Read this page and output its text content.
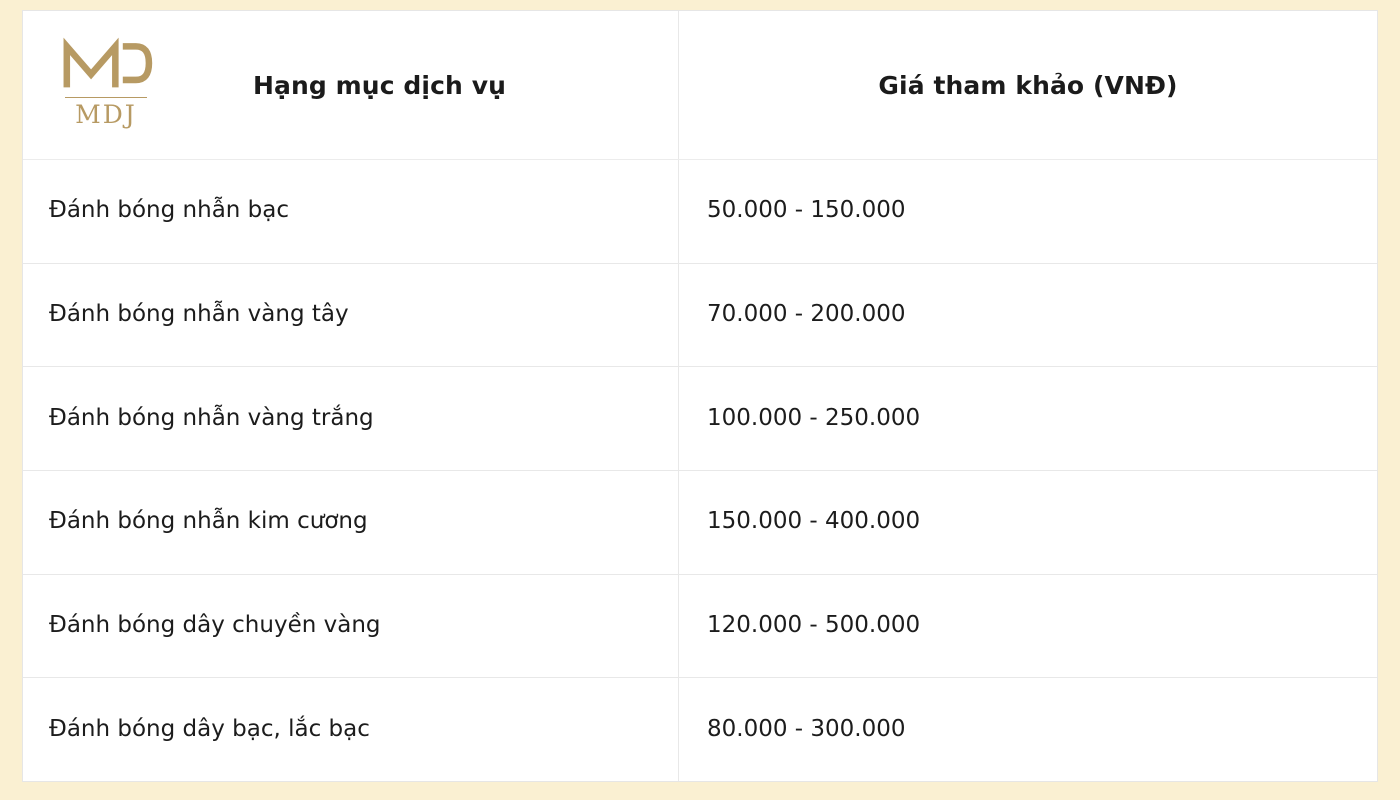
MDJ
Hạng mục dịch vụ	Giá tham khảo (VNĐ)
Đánh bóng nhẫn bạc	50.000 - 150.000
Đánh bóng nhẫn vàng tây	70.000 - 200.000
Đánh bóng nhẫn vàng trắng	100.000 - 250.000
Đánh bóng nhẫn kim cương	150.000 - 400.000
Đánh bóng dây chuyền vàng	120.000 - 500.000
Đánh bóng dây bạc, lắc bạc	80.000 - 300.000
